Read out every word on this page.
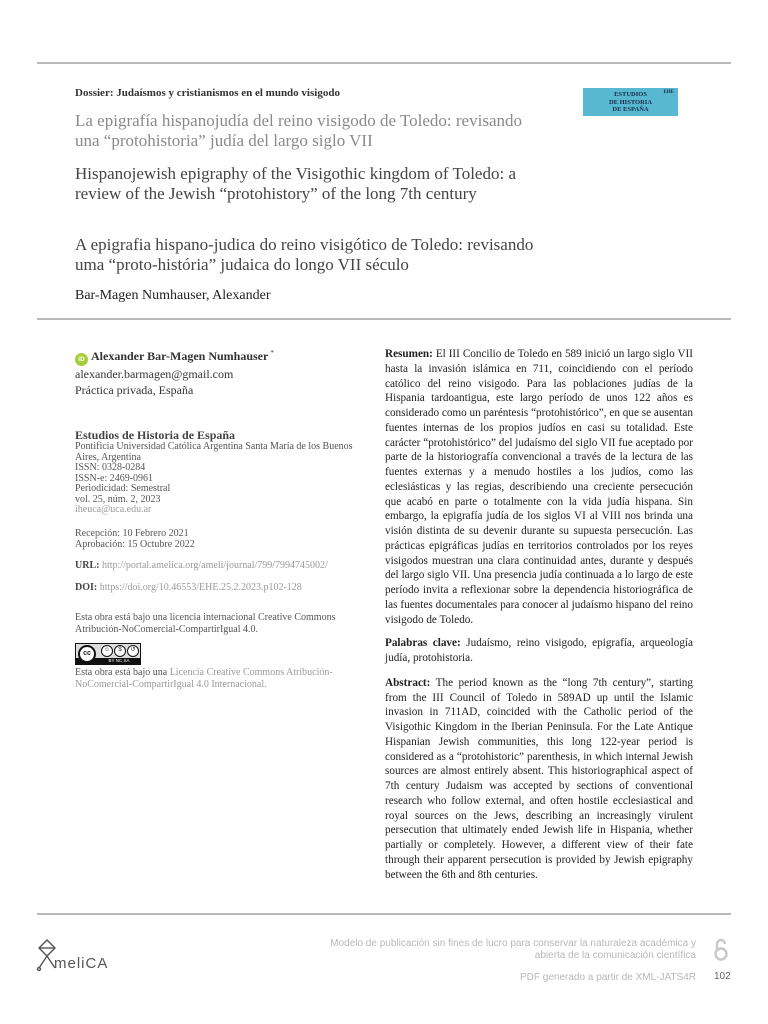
Dossier: Judaísmos y cristianismos en el mundo visigodo	EHE
ESTUDIOS
DE HISTORIA
DE ESPAÑA
La epigrafía hispanojudía del reino visigodo de Toledo: revisando una “protohistoria” judía del largo siglo VII
Hispanojewish epigraphy of the Visigothic kingdom of Toledo: a review of the Jewish “protohistory” of the long 7th century
A epigrafia hispano-judica do reino visigótico de Toledo: revisando uma “proto-história” judaica do longo VII século
Bar-Magen Numhauser, Alexander
iD Alexander Bar-Magen Numhauser *
alexander.barmagen@gmail.com
Práctica privada, España
Estudios de Historia de España
Pontificia Universidad Católica Argentina Santa María de los Buenos Aires, Argentina
ISSN: 0328-0284
ISSN-e: 2469-0961
Periodicidad: Semestral
vol. 25, núm. 2, 2023
iheuca@uca.edu.ar
Recepción: 10 Febrero 2021
Aprobación: 15 Octubre 2022
URL: http://portal.amelica.org/ameli/journal/799/7994745002/
DOI: https://doi.org/10.46553/EHE.25.2.2023.p102-128
Esta obra está bajo una licencia internacional Creative Commons Atribución-NoComercial-CompartirIgual 4.0.
cc	☺	$	↺
BY NC SA
Esta obra está bajo una Licencia Creative Commons Atribución-NoComercial-CompartirIgual 4.0 Internacional.

Resumen: El III Concilio de Toledo en 589 inició un largo siglo VII hasta la invasión islámica en 711, coincidiendo con el período católico del reino visigodo. Para las poblaciones judías de la Hispania tardoantigua, este largo período de unos 122 años es considerado como un paréntesis “protohistórico”, en que se ausentan fuentes internas de los propios judíos en casi su totalidad. Este carácter “protohistórico” del judaísmo del siglo VII fue aceptado por parte de la historiografía convencional a través de la lectura de las fuentes externas y a menudo hostiles a los judíos, como las eclesiásticas y las regias, describiendo una creciente persecución que acabó en parte o totalmente con la vida judía hispana. Sin embargo, la epigrafía judía de los siglos VI al VIII nos brinda una visión distinta de su devenir durante su supuesta persecución. Las prácticas epigráficas judías en territorios controlados por los reyes visigodos muestran una clara continuidad antes, durante y después del largo siglo VII. Una presencia judía continuada a lo largo de este período invita a reflexionar sobre la dependencia historiográfica de las fuentes documentales para conocer al judaísmo hispano del reino visigodo de Toledo.

Palabras clave: Judaísmo, reino visigodo, epigrafía, arqueología judía, protohistoria.

Abstract: The period known as the “long 7th century”, starting from the III Council of Toledo in 589AD up until the Islamic invasion in 711AD, coincided with the Catholic period of the Visigothic Kingdom in the Iberian Peninsula. For the Late Antique Hispanian Jewish communities, this long 122-year period is considered as a “protohistoric” parenthesis, in which internal Jewish sources are almost entirely absent. This historiographical aspect of 7th century Judaism was accepted by sections of conventional research who follow external, and often hostile ecclesiastical and royal sources on the Jews, describing an increasingly virulent persecution that ultimately ended Jewish life in Hispania, whether partially or completely. However, a different view of their fate through their apparent persecution is provided by Jewish epigraphy between the 6th and 8th centuries.

meliCA
Modelo de publicación sin fines de lucro para conservar la naturaleza académica y abierta de la comunicación científica
PDF generado a partir de XML-JATS4R 102
